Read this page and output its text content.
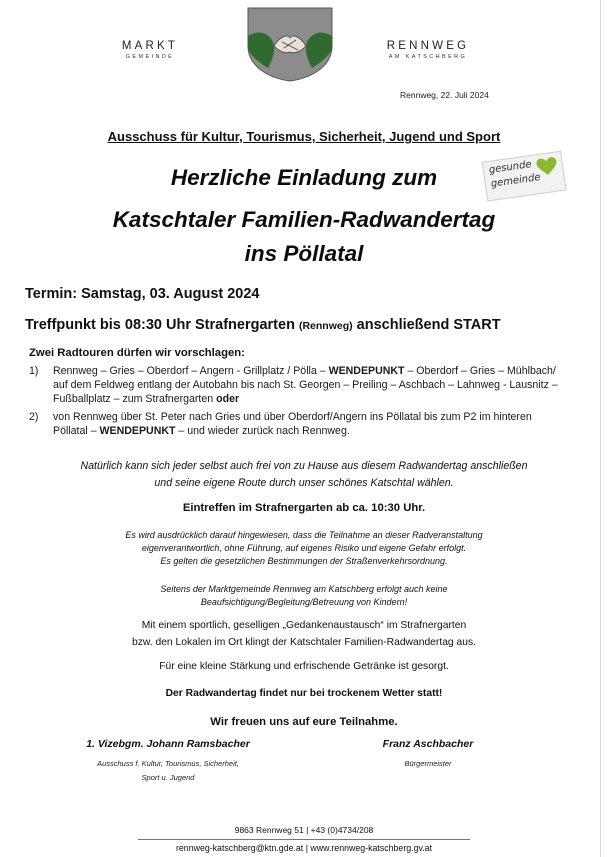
MARKT
GEMEINDE
RENNWEG
AM KATSCHBERG
Rennweg, 22. Juli 2024
Ausschuss für Kultur, Tourismus, Sicherheit, Jugend und Sport
Herzliche Einladung zum
Katschtaler Familien-Radwandertag
ins Pöllatal
gesunde
gemeinde
Termin: Samstag, 03. August 2024
Treffpunkt bis 08:30 Uhr Strafnergarten (Rennweg) anschließend START
Zwei Radtouren dürfen wir vorschlagen:
1)	Rennweg – Gries – Oberdorf – Angern - Grillplatz / Pölla – WENDEPUNKT – Oberdorf – Gries – Mühlbach/ auf dem Feldweg entlang der Autobahn bis nach St. Georgen – Preiling – Aschbach – Lahnweg - Lausnitz – Fußballplatz – zum Strafnergarten oder
2)	von Rennweg über St. Peter nach Gries und über Oberdorf/Angern ins Pöllatal bis zum P2 im hinteren Pöllatal – WENDEPUNKT – und wieder zurück nach Rennweg.
Natürlich kann sich jeder selbst auch frei von zu Hause aus diesem Radwandertag anschließen
und seine eigene Route durch unser schönes Katschtal wählen.
Eintreffen im Strafnergarten ab ca. 10:30 Uhr.
Es wird ausdrücklich darauf hingewiesen, dass die Teilnahme an dieser Radveranstaltung
eigenverantwortlich, ohne Führung, auf eigenes Risiko und eigene Gefahr erfolgt.
Es gelten die gesetzlichen Bestimmungen der Straßenverkehrsordnung.
Seitens der Marktgemeinde Rennweg am Katschberg erfolgt auch keine
Beaufsichtigung/Begleitung/Betreuung von Kindern!
Mit einem sportlich, geselligen „Gedankenaustausch“ im Strafnergarten
bzw. den Lokalen im Ort klingt der Katschtaler Familien-Radwandertag aus.
Für eine kleine Stärkung und erfrischende Getränke ist gesorgt.
Der Radwandertag findet nur bei trockenem Wetter statt!
Wir freuen uns auf eure Teilnahme.
1. Vizebgm. Johann Ramsbacher
Ausschuss f. Kultur, Tourismus, Sicherheit,
Sport u. Jugend
Franz Aschbacher
Bürgermeister
9863 Rennweg 51 | +43 (0)4734/208
rennweg-katschberg@ktn.gde.at | www.rennweg-katschberg.gv.at
